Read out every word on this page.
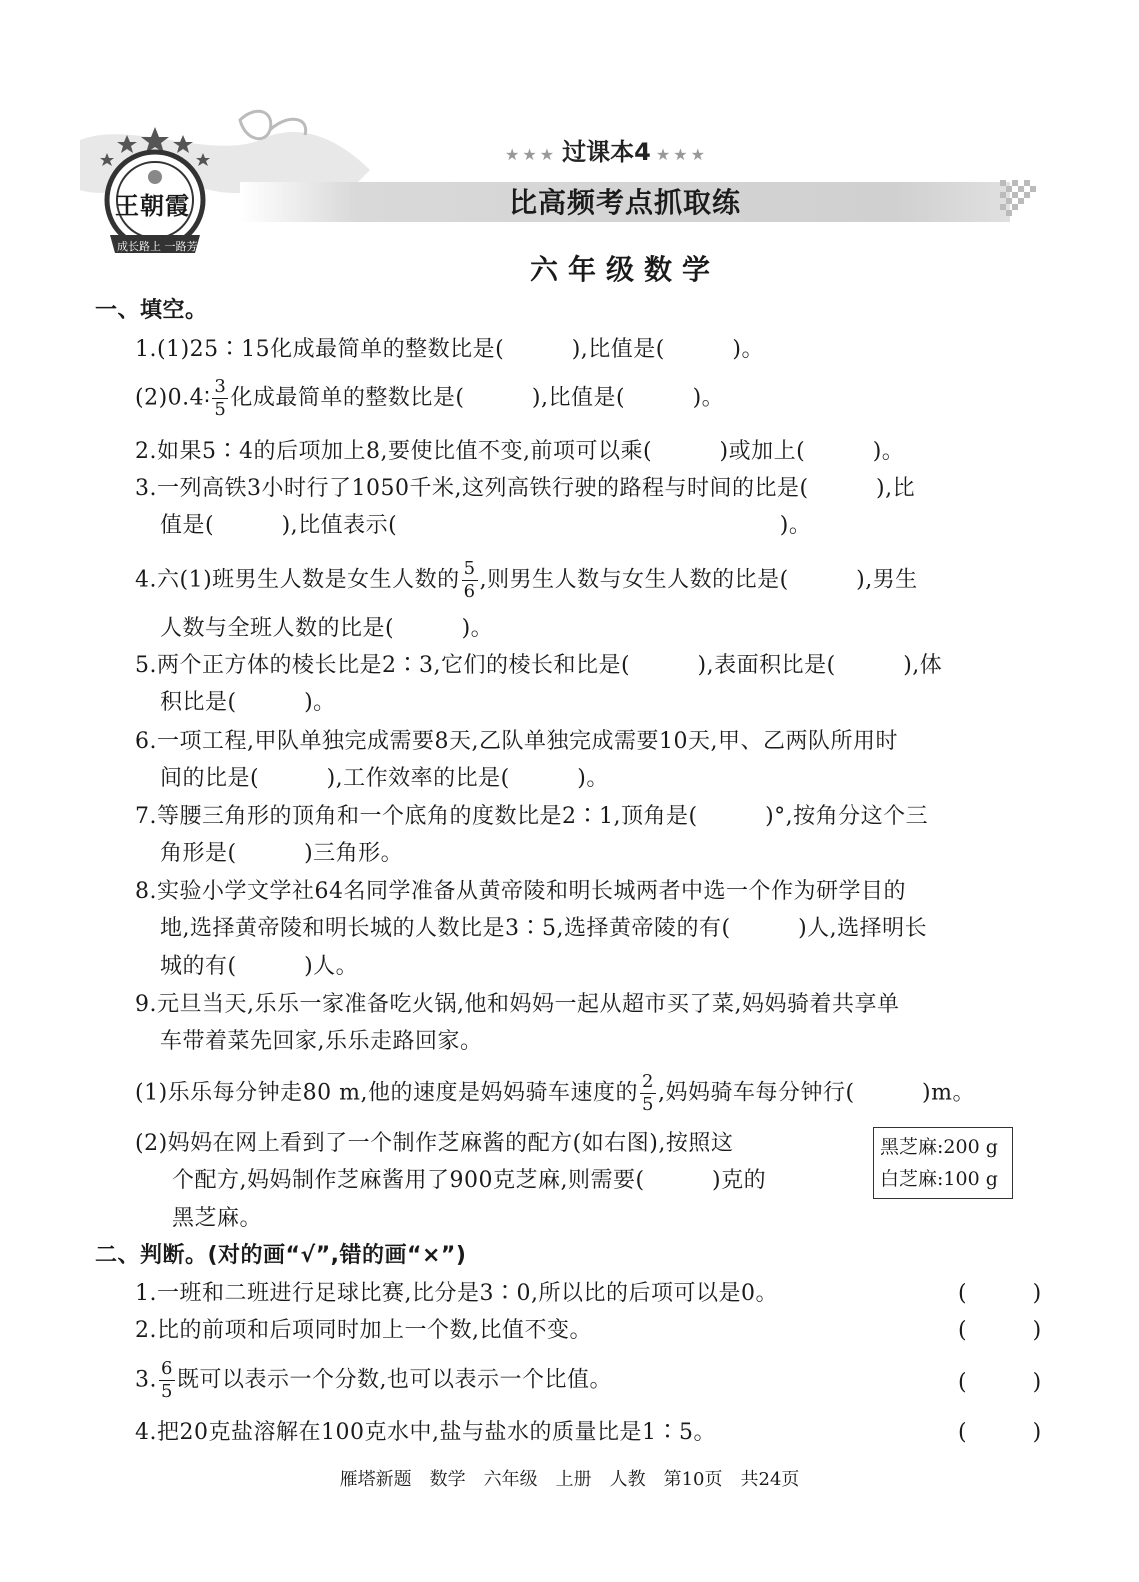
王朝霞
成长路上 一路芳天
★★★ 过课本4 ★★★
比高频考点抓取练
六年级数学
一、填空。
1.(1)25∶15化成最简单的整数比是(　　　),比值是(　　　)。
(2)0.4∶ $\frac{3}{5}$ 化成最简单的整数比是(　　　),比值是(　　　)。
2.如果5∶4的后项加上8,要使比值不变,前项可以乘(　　　)或加上(　　　)。
3.一列高铁3小时行了1050千米,这列高铁行驶的路程与时间的比是(　　　),比
值是(　　　),比值表示(　　　　　　　　　　　　　　　　　)。
4.六(1)班男生人数是女生人数的 $\frac{5}{6}$ ,则男生人数与女生人数的比是(　　　),男生
人数与全班人数的比是(　　　)。
5.两个正方体的棱长比是2∶3,它们的棱长和比是(　　　),表面积比是(　　　),体
积比是(　　　)。
6.一项工程,甲队单独完成需要8天,乙队单独完成需要10天,甲、乙两队所用时
间的比是(　　　),工作效率的比是(　　　)。
7.等腰三角形的顶角和一个底角的度数比是2∶1,顶角是(　　　)°,按角分这个三
角形是(　　　)三角形。
8.实验小学文学社64名同学准备从黄帝陵和明长城两者中选一个作为研学目的
地,选择黄帝陵和明长城的人数比是3∶5,选择黄帝陵的有(　　　)人,选择明长
城的有(　　　)人。
9.元旦当天,乐乐一家准备吃火锅,他和妈妈一起从超市买了菜,妈妈骑着共享单
车带着菜先回家,乐乐走路回家。
(1)乐乐每分钟走80 m,他的速度是妈妈骑车速度的 $\frac{2}{5}$ ,妈妈骑车每分钟行(　　　)m。
(2)妈妈在网上看到了一个制作芝麻酱的配方(如右图),按照这
个配方,妈妈制作芝麻酱用了900克芝麻,则需要(　　　)克的
黑芝麻。
黑芝麻:200 g
白芝麻:100 g
二、判断。(对的画“√”,错的画“×”)
1.一班和二班进行足球比赛,比分是3∶0,所以比的后项可以是0。	(　　　)
2.比的前项和后项同时加上一个数,比值不变。	(　　　)
3. $\frac{6}{5}$ 既可以表示一个分数,也可以表示一个比值。	(　　　)
4.把20克盐溶解在100克水中,盐与盐水的质量比是1∶5。	(　　　)
雁塔新题　数学　六年级　上册　人教　第10页　共24页
